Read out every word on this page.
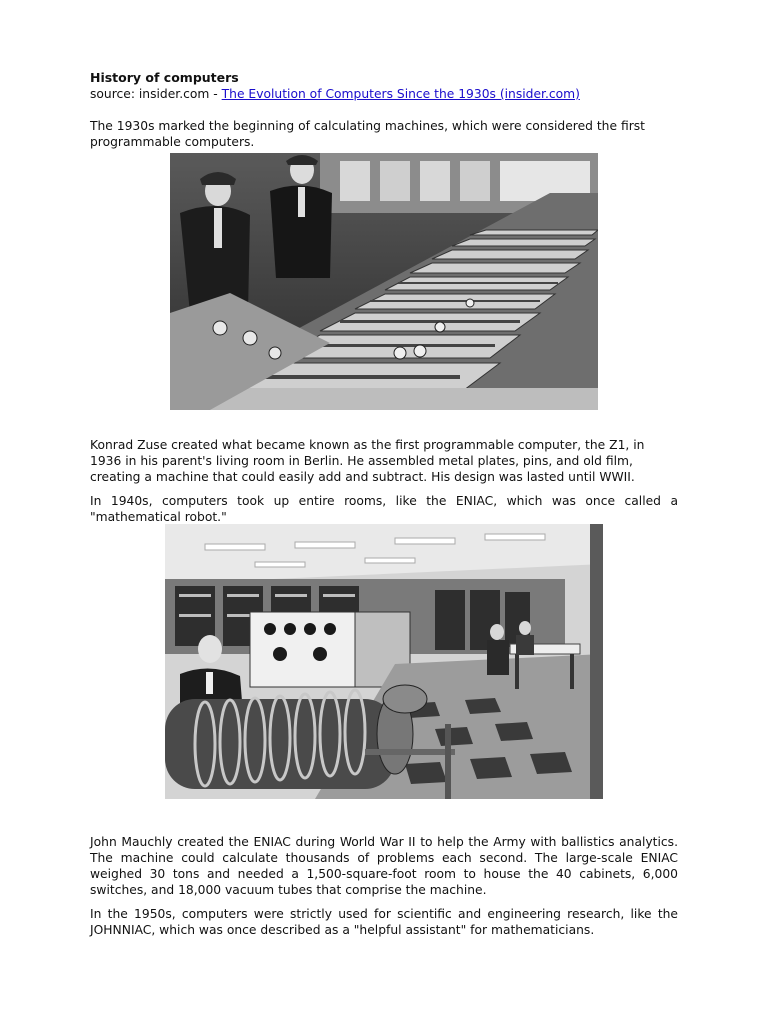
History of computers
source: insider.com - The Evolution of Computers Since the 1930s (insider.com)

The 1930s marked the beginning of calculating machines, which were considered the first programmable computers.

Konrad Zuse created what became known as the first programmable computer, the Z1, in 1936 in his parent's living room in Berlin. He assembled metal plates, pins, and old film, creating a machine that could easily add and subtract. His design was lasted until WWII.

In 1940s, computers took up entire rooms, like the ENIAC, which was once called a "mathematical robot."

John Mauchly created the ENIAC during World War II to help the Army with ballistics analytics. The machine could calculate thousands of problems each second. The large-scale ENIAC weighed 30 tons and needed a 1,500-square-foot room to house the 40 cabinets, 6,000 switches, and 18,000 vacuum tubes that comprise the machine.

In the 1950s, computers were strictly used for scientific and engineering research, like the JOHNNIAC, which was once described as a "helpful assistant" for mathematicians.
